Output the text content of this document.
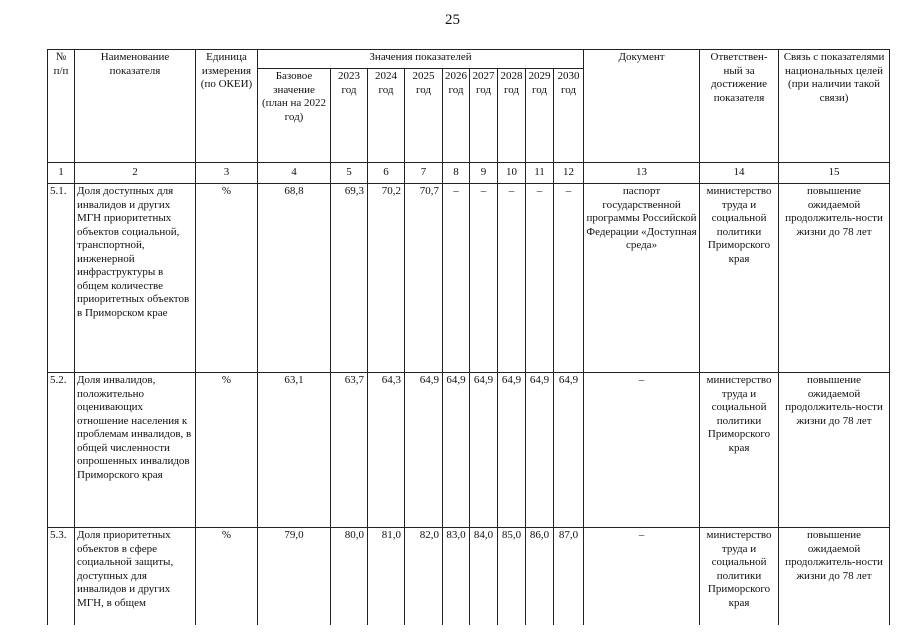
25
№ п/п	Наименование показателя	Единица измерения (по ОКЕИ)	Значения показателей									Документ	Ответствен-ный за достижение показателя	Связь с показателями национальных целей (при наличии такой связи)
			Базовое значение (план на 2022 год)	2023 год	2024 год	2025 год	2026 год	2027 год	2028 год	2029 год	2030 год			
1	2	3	4	5	6	7	8	9	10	11	12	13	14	15
5.1.	Доля доступных для инвалидов и других МГН приоритетных объектов социальной, транспортной, инженерной инфраструктуры в общем количестве приоритетных объектов в Приморском крае	%	68,8	69,3	70,2	70,7	–	–	–	–	–	паспорт государственной программы Российской Федерации «Доступная среда»	министерство труда и социальной политики Приморского края	повышение ожидаемой продолжитель-ности жизни до 78 лет
5.2.	Доля инвалидов, положительно оценивающих отношение населения к проблемам инвалидов, в общей численности опрошенных инвалидов Приморского края	%	63,1	63,7	64,3	64,9	64,9	64,9	64,9	64,9	64,9	–	министерство труда и социальной политики Приморского края	повышение ожидаемой продолжитель-ности жизни до 78 лет
5.3.	Доля приоритетных объектов в сфере социальной защиты, доступных для инвалидов и других МГН, в общем	%	79,0	80,0	81,0	82,0	83,0	84,0	85,0	86,0	87,0	–	министерство труда и социальной политики Приморского края	повышение ожидаемой продолжитель-ности жизни до 78 лет
